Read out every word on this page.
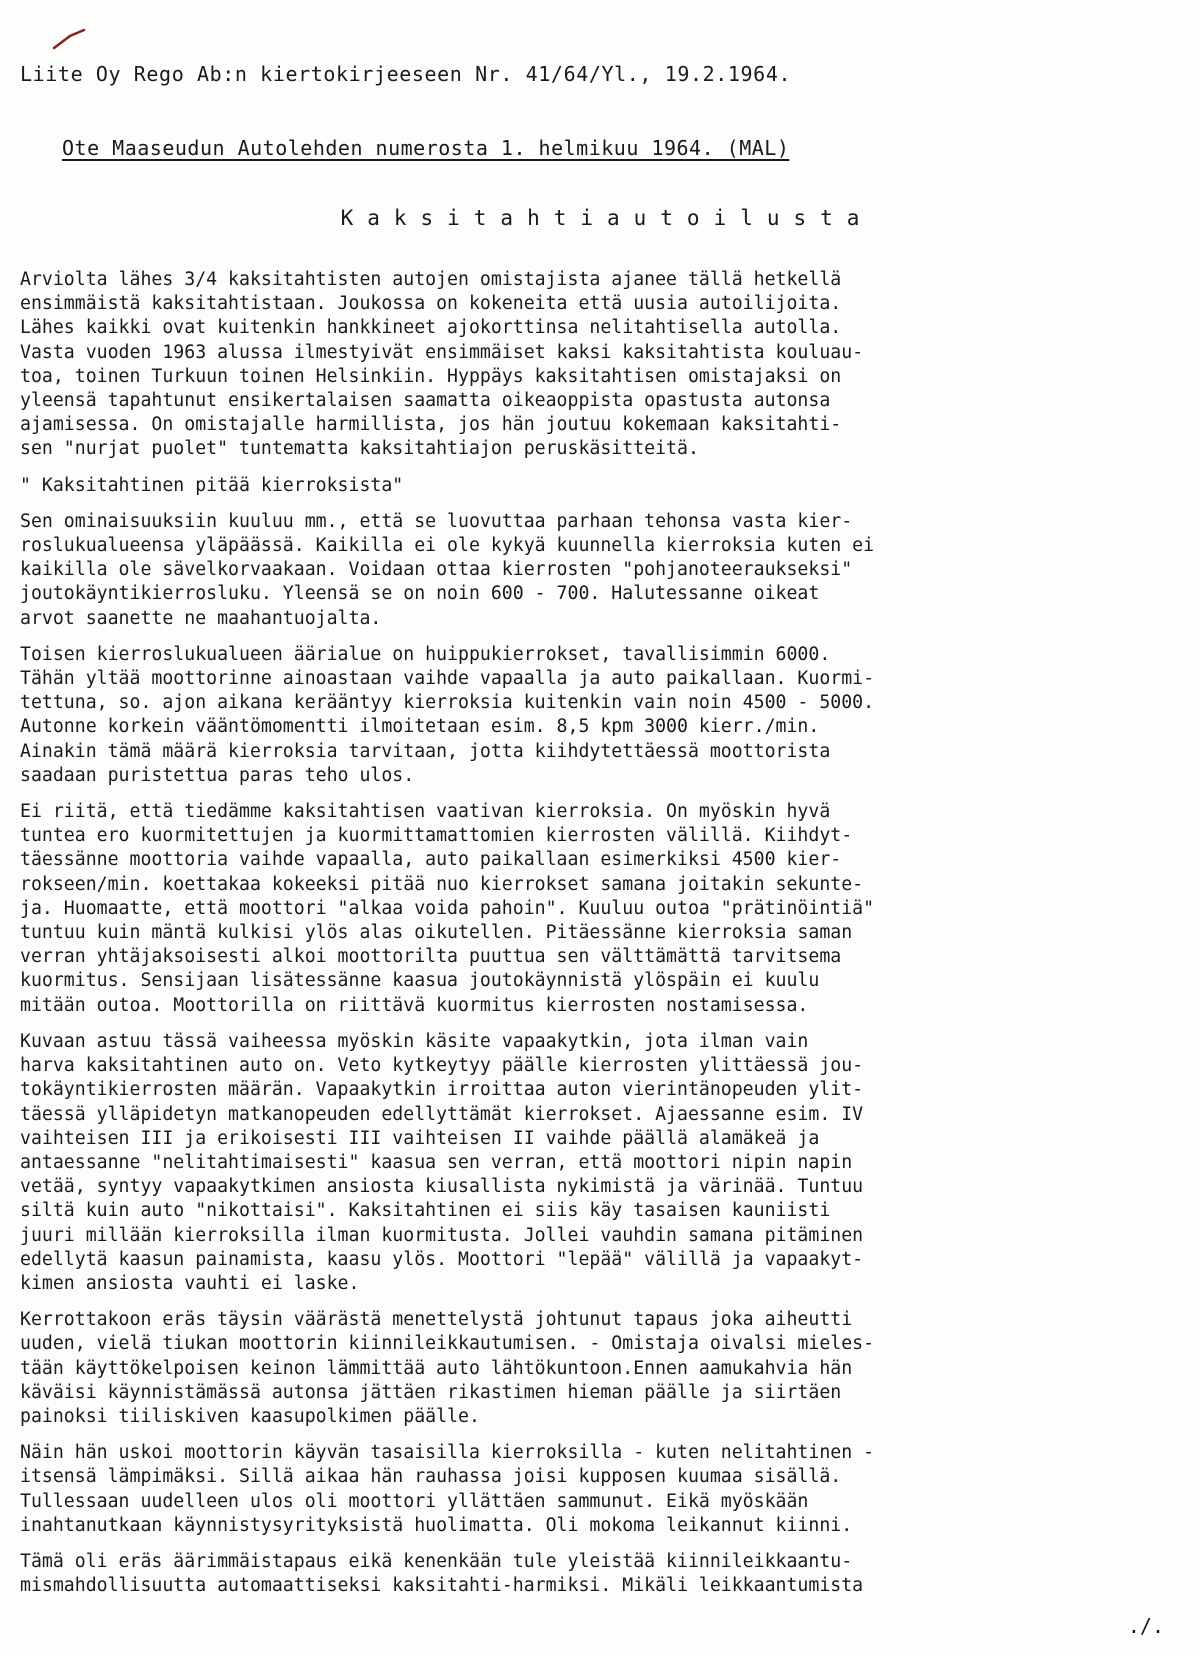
Liite Oy Rego Ab:n kiertokirjeeseen Nr. 41/64/Yl., 19.2.1964.
Ote Maaseudun Autolehden numerosta 1. helmikuu 1964. (MAL)
Kaksitahtiautoilusta
Arviolta lähes 3/4 kaksitahtisten autojen omistajista ajanee tällä hetkellä
ensimmäistä kaksitahtistaan. Joukossa on kokeneita että uusia autoilijoita.
Lähes kaikki ovat kuitenkin hankkineet ajokorttinsa nelitahtisella autolla.
Vasta vuoden 1963 alussa ilmestyivät ensimmäiset kaksi kaksitahtista kouluau-
toa, toinen Turkuun toinen Helsinkiin. Hyppäys kaksitahtisen omistajaksi on
yleensä tapahtunut ensikertalaisen saamatta oikeaoppista opastusta autonsa
ajamisessa. On omistajalle harmillista, jos hän joutuu kokemaan kaksitahti-
sen "nurjat puolet" tuntematta kaksitahtiajon peruskäsitteitä.
" Kaksitahtinen pitää kierroksista"
Sen ominaisuuksiin kuuluu mm., että se luovuttaa parhaan tehonsa vasta kier-
roslukualueensa yläpäässä. Kaikilla ei ole kykyä kuunnella kierroksia kuten ei
kaikilla ole sävelkorvaakaan. Voidaan ottaa kierrosten "pohjanoteeraukseksi"
joutokäyntikierrosluku. Yleensä se on noin 600 - 700. Halutessanne oikeat
arvot saanette ne maahantuojalta.
Toisen kierroslukualueen äärialue on huippukierrokset, tavallisimmin 6000.
Tähän yltää moottorinne ainoastaan vaihde vapaalla ja auto paikallaan. Kuormi-
tettuna, so. ajon aikana kerääntyy kierroksia kuitenkin vain noin 4500 - 5000.
Autonne korkein vääntömomentti ilmoitetaan esim. 8,5 kpm 3000 kierr./min.
Ainakin tämä määrä kierroksia tarvitaan, jotta kiihdytettäessä moottorista
saadaan puristettua paras teho ulos.
Ei riitä, että tiedämme kaksitahtisen vaativan kierroksia. On myöskin hyvä
tuntea ero kuormitettujen ja kuormittamattomien kierrosten välillä. Kiihdyt-
täessänne moottoria vaihde vapaalla, auto paikallaan esimerkiksi 4500 kier-
rokseen/min. koettakaa kokeeksi pitää nuo kierrokset samana joitakin sekunte-
ja. Huomaatte, että moottori "alkaa voida pahoin". Kuuluu outoa "prätinöintiä"
tuntuu kuin mäntä kulkisi ylös alas oikutellen. Pitäessänne kierroksia saman
verran yhtäjaksoisesti alkoi moottorilta puuttua sen välttämättä tarvitsema
kuormitus. Sensijaan lisätessänne kaasua joutokäynnistä ylöspäin ei kuulu
mitään outoa. Moottorilla on riittävä kuormitus kierrosten nostamisessa.
Kuvaan astuu tässä vaiheessa myöskin käsite vapaakytkin, jota ilman vain
harva kaksitahtinen auto on. Veto kytkeytyy päälle kierrosten ylittäessä jou-
tokäyntikierrosten määrän. Vapaakytkin irroittaa auton vierintänopeuden ylit-
täessä ylläpidetyn matkanopeuden edellyttämät kierrokset. Ajaessanne esim. IV
vaihteisen III ja erikoisesti III vaihteisen II vaihde päällä alamäkeä ja
antaessanne "nelitahtimaisesti" kaasua sen verran, että moottori nipin napin
vetää, syntyy vapaakytkimen ansiosta kiusallista nykimistä ja värinää. Tuntuu
siltä kuin auto "nikottaisi". Kaksitahtinen ei siis käy tasaisen kauniisti
juuri millään kierroksilla ilman kuormitusta. Jollei vauhdin samana pitäminen
edellytä kaasun painamista, kaasu ylös. Moottori "lepää" välillä ja vapaakyt-
kimen ansiosta vauhti ei laske.
Kerrottakoon eräs täysin väärästä menettelystä johtunut tapaus joka aiheutti
uuden, vielä tiukan moottorin kiinnileikkautumisen. - Omistaja oivalsi mieles-
tään käyttökelpoisen keinon lämmittää auto lähtökuntoon.Ennen aamukahvia hän
käväisi käynnistämässä autonsa jättäen rikastimen hieman päälle ja siirtäen
painoksi tiiliskiven kaasupolkimen päälle.
Näin hän uskoi moottorin käyvän tasaisilla kierroksilla - kuten nelitahtinen -
itsensä lämpimäksi. Sillä aikaa hän rauhassa joisi kupposen kuumaa sisällä.
Tullessaan uudelleen ulos oli moottori yllättäen sammunut. Eikä myöskään
inahtanutkaan käynnistysyrityksistä huolimatta. Oli mokoma leikannut kiinni.
Tämä oli eräs äärimmäistapaus eikä kenenkään tule yleistää kiinnileikkaantu-
mismahdollisuutta automaattiseksi kaksitahti-harmiksi. Mikäli leikkaantumista
./.
